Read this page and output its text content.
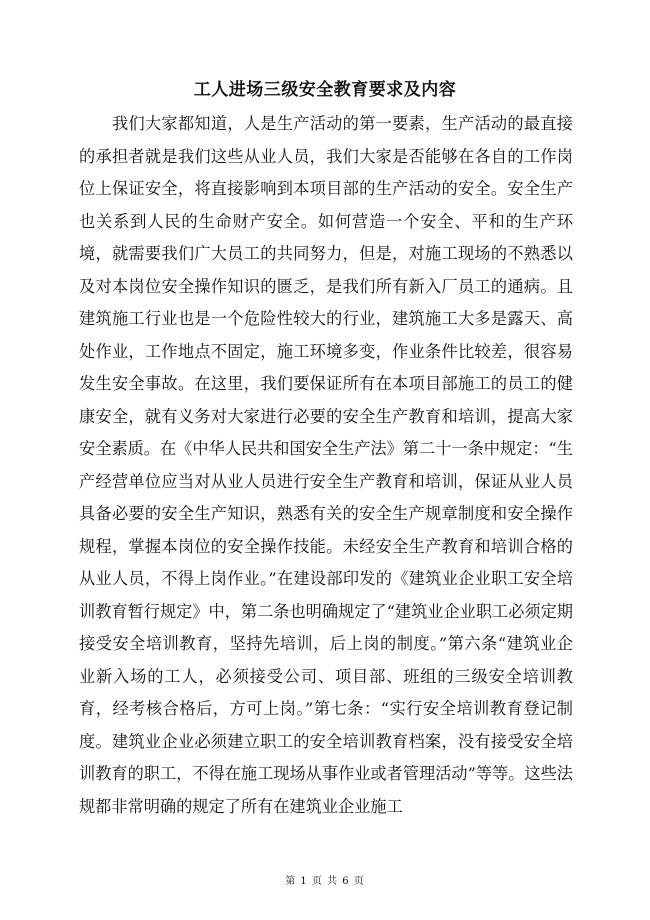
工人进场三级安全教育要求及内容

我们大家都知道，人是生产活动的第一要素，生产活动的最直接的承担者就是我们这些从业人员，我们大家是否能够在各自的工作岗位上保证安全，将直接影响到本项目部的生产活动的安全。安全生产也关系到人民的生命财产安全。如何营造一个安全、平和的生产环境，就需要我们广大员工的共同努力，但是，对施工现场的不熟悉以及对本岗位安全操作知识的匮乏，是我们所有新入厂员工的通病。且建筑施工行业也是一个危险性较大的行业，建筑施工大多是露天、高处作业，工作地点不固定，施工环境多变，作业条件比较差，很容易发生安全事故。在这里，我们要保证所有在本项目部施工的员工的健康安全，就有义务对大家进行必要的安全生产教育和培训，提高大家安全素质。在《中华人民共和国安全生产法》第二十一条中规定：“生产经营单位应当对从业人员进行安全生产教育和培训，保证从业人员具备必要的安全生产知识，熟悉有关的安全生产规章制度和安全操作规程，掌握本岗位的安全操作技能。未经安全生产教育和培训合格的从业人员，不得上岗作业。”在建设部印发的《建筑业企业职工安全培训教育暂行规定》中，第二条也明确规定了“建筑业企业职工必须定期接受安全培训教育，坚持先培训，后上岗的制度。”第六条“建筑业企业新入场的工人，必须接受公司、项目部、班组的三级安全培训教育，经考核合格后，方可上岗。”第七条：“实行安全培训教育登记制度。建筑业企业必须建立职工的安全培训教育档案，没有接受安全培训教育的职工，不得在施工现场从事作业或者管理活动”等等。这些法规都非常明确的规定了所有在建筑业企业施工

第 1 页 共 6 页
